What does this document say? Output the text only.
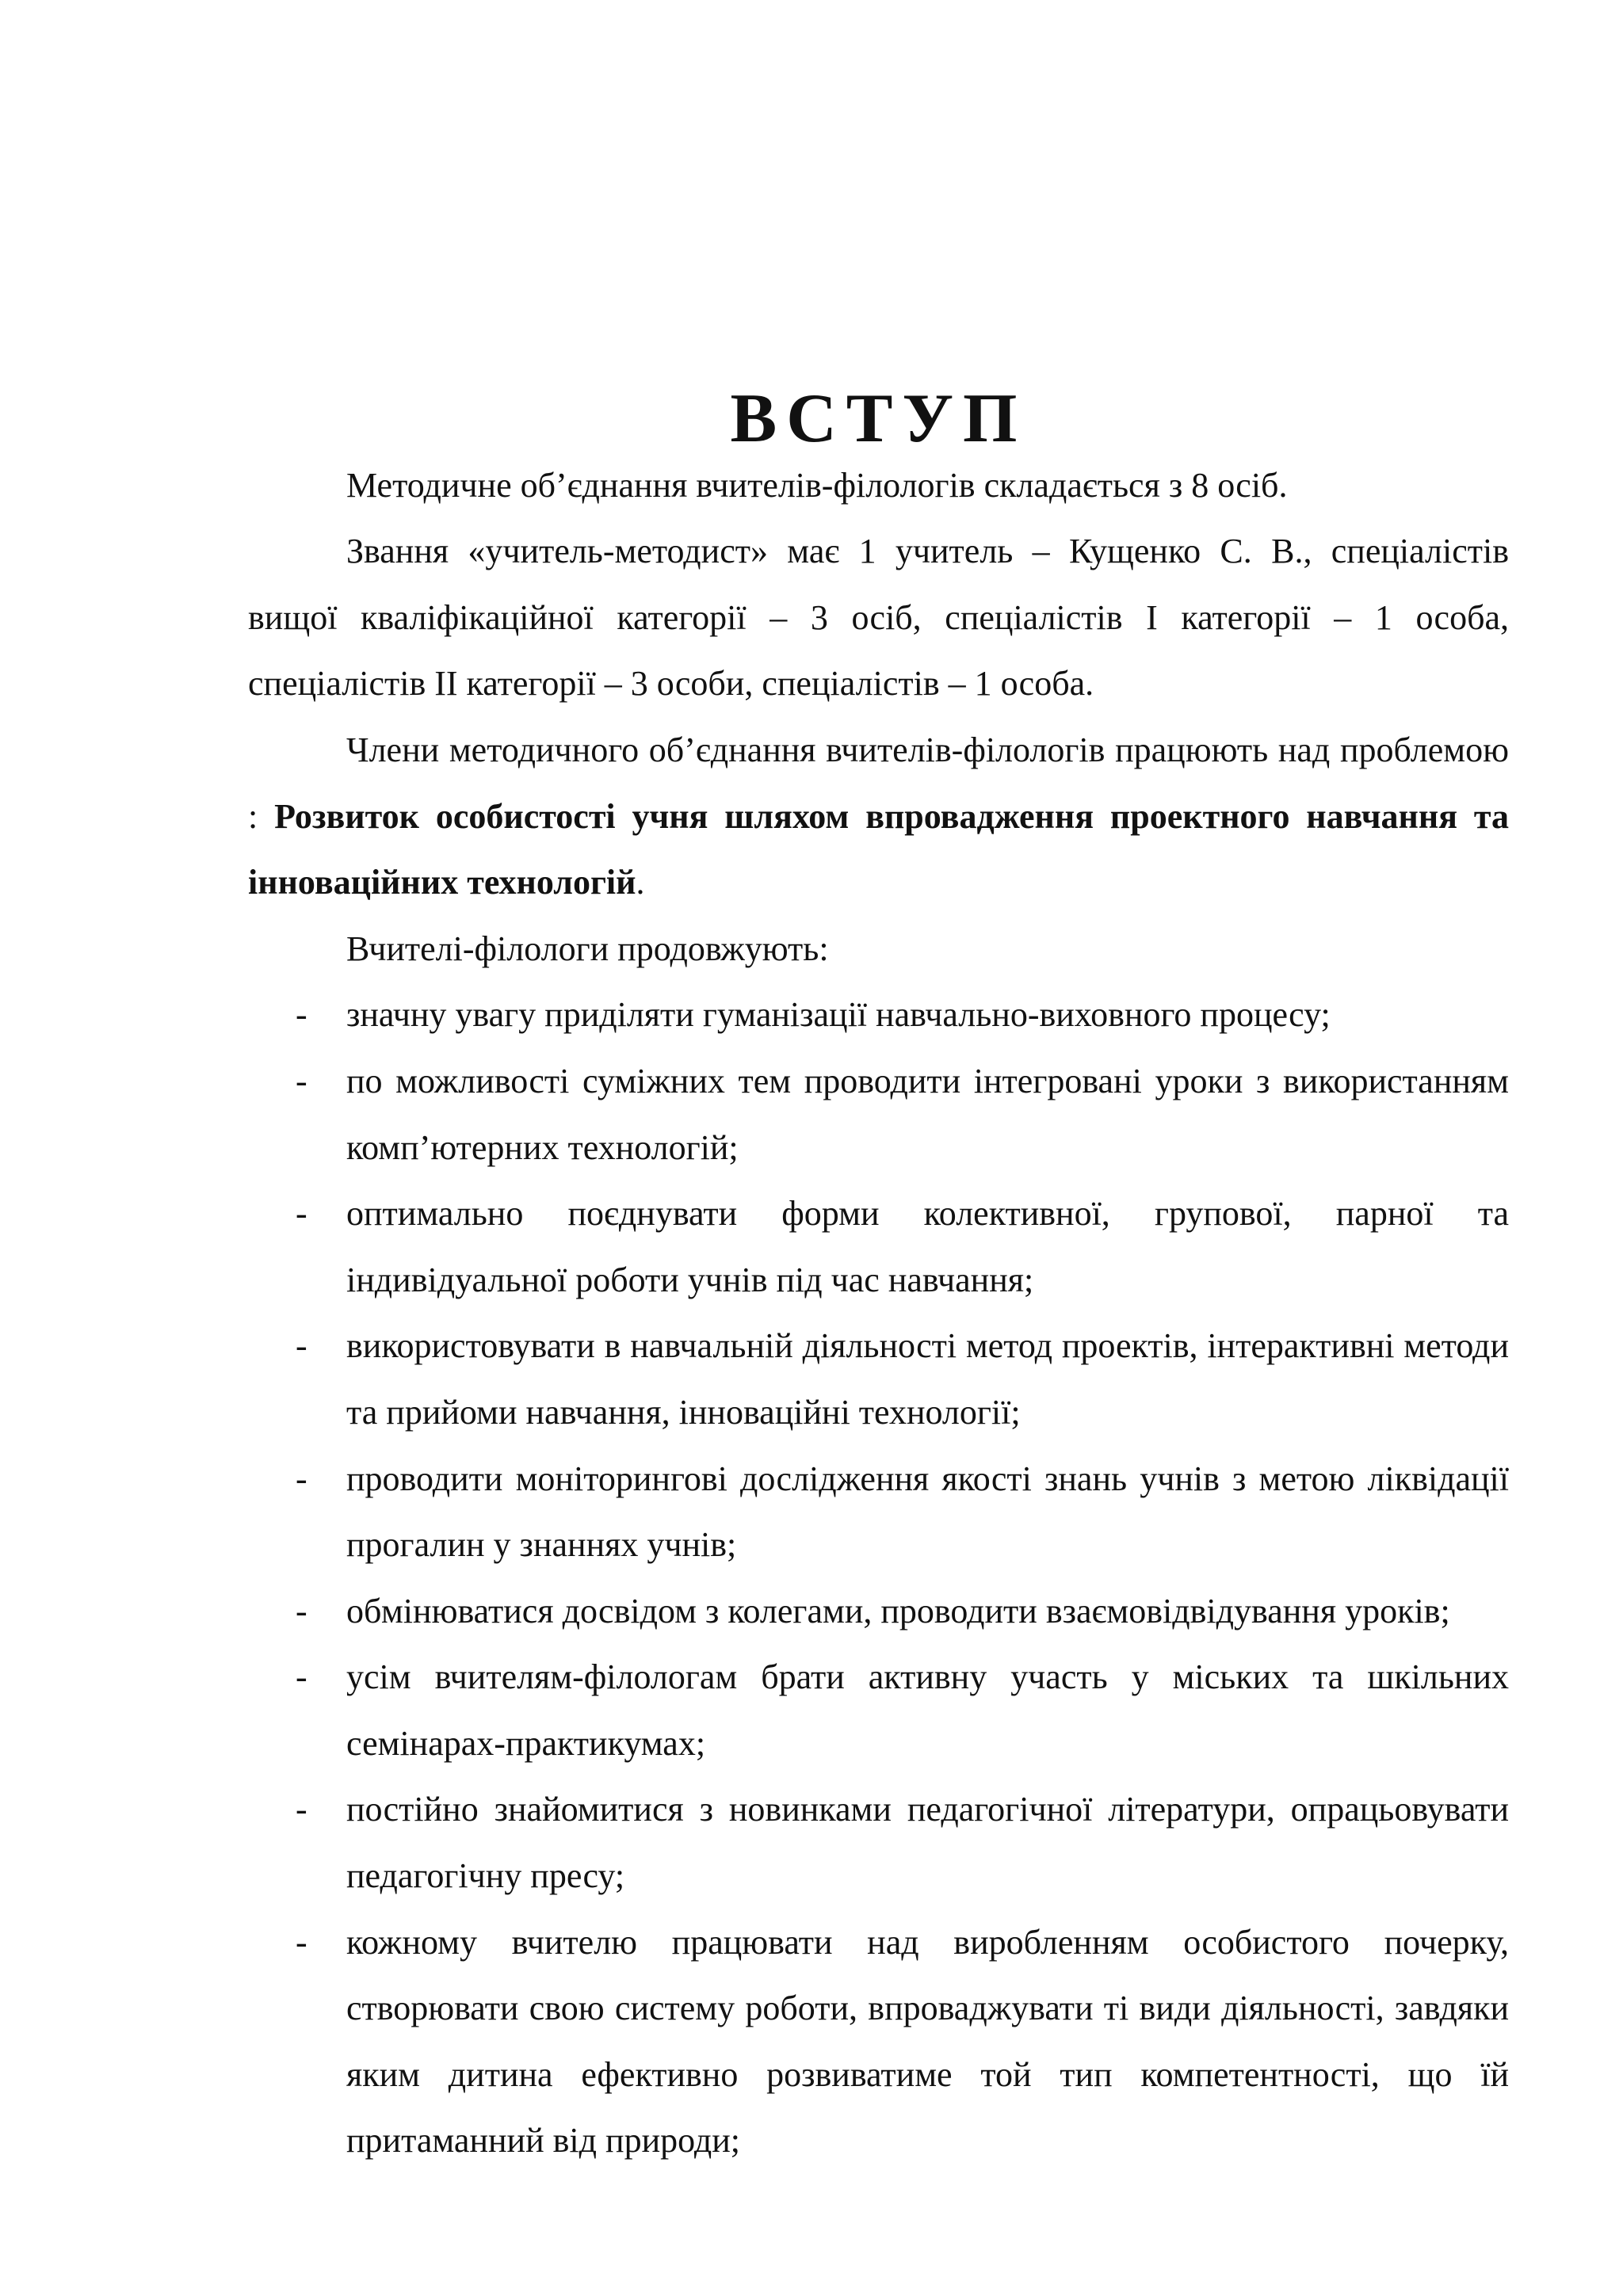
ВСТУП

Методичне об’єднання вчителів-філологів складається з 8 осіб.

Звання «учитель-методист» має 1 учитель – Кущенко С. В., спеціалістів вищої кваліфікаційної категорії – 3 осіб, спеціалістів I категорії – 1 особа, спеціалістів II категорії – 3 особи, спеціалістів – 1 особа.

Члени методичного об’єднання вчителів-філологів працюють над проблемою : Розвиток особистості учня шляхом впровадження проектного навчання та інноваційних технологій.

Вчителі-філологи продовжують:

- значну увагу приділяти гуманізації навчально-виховного процесу;
- по можливості суміжних тем проводити інтегровані уроки з використанням комп’ютерних технологій;
- оптимально поєднувати форми колективної, групової, парної та індивідуальної роботи учнів під час навчання;
- використовувати в навчальній діяльності метод проектів, інтерактивні методи та прийоми навчання, інноваційні технології;
- проводити моніторингові дослідження якості знань учнів з метою ліквідації прогалин у знаннях учнів;
- обмінюватися досвідом з колегами, проводити взаємовідвідування уроків;
- усім вчителям-філологам брати активну участь у міських та шкільних семінарах-практикумах;
- постійно знайомитися з новинками педагогічної літератури, опрацьовувати педагогічну пресу;
- кожному вчителю працювати над виробленням особистого почерку, створювати свою систему роботи, впроваджувати ті види діяльності, завдяки яким дитина ефективно розвиватиме той тип компетентності, що їй притаманний від природи;
